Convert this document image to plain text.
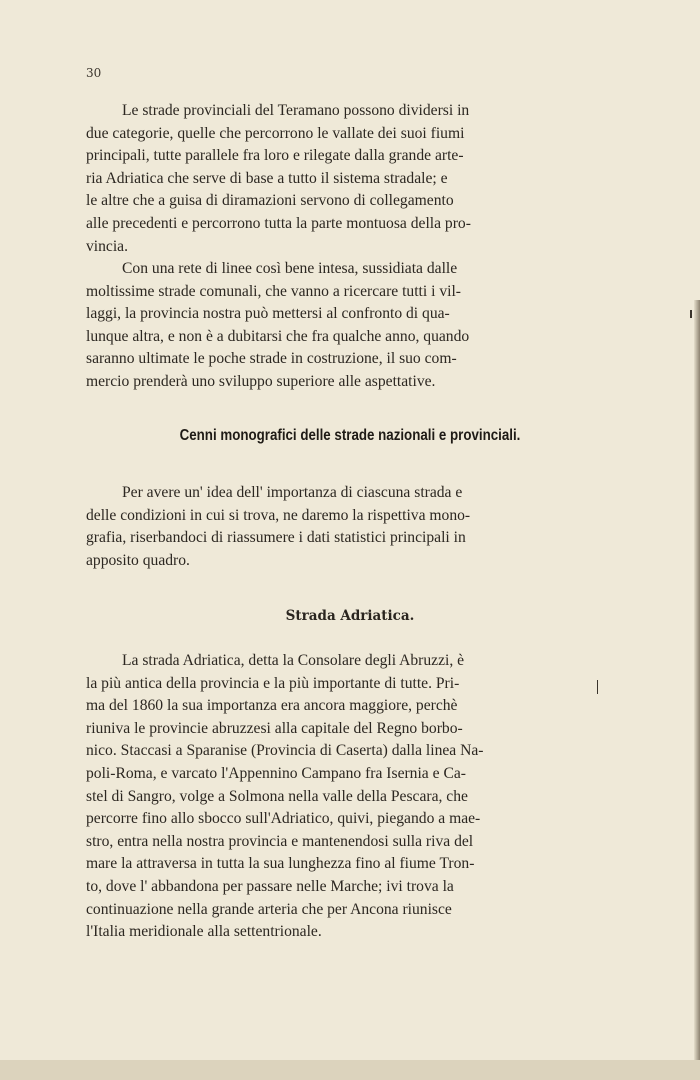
30
Le strade provinciali del Teramano possono dividersi in
due categorie, quelle che percorrono le vallate dei suoi fiumi
principali, tutte parallele fra loro e rilegate dalla grande arte-
ria Adriatica che serve di base a tutto il sistema stradale; e
le altre che a guisa di diramazioni servono di collegamento
alle precedenti e percorrono tutta la parte montuosa della pro-
vincia.
Con una rete di linee così bene intesa, sussidiata dalle
moltissime strade comunali, che vanno a ricercare tutti i vil-
laggi, la provincia nostra può mettersi al confronto di qua-
lunque altra, e non è a dubitarsi che fra qualche anno, quando
saranno ultimate le poche strade in costruzione, il suo com-
mercio prenderà uno sviluppo superiore alle aspettative.
Cenni monografici delle strade nazionali e provinciali.
Per avere un' idea dell' importanza di ciascuna strada e
delle condizioni in cui si trova, ne daremo la rispettiva mono-
grafia, riserbandoci di riassumere i dati statistici principali in
apposito quadro.
Strada Adriatica.
La strada Adriatica, detta la Consolare degli Abruzzi, è
la più antica della provincia e la più importante di tutte. Pri-
ma del 1860 la sua importanza era ancora maggiore, perchè
riuniva le provincie abruzzesi alla capitale del Regno borbo-
nico. Staccasi a Sparanise (Provincia di Caserta) dalla linea Na-
poli-Roma, e varcato l'Appennino Campano fra Isernia e Ca-
stel di Sangro, volge a Solmona nella valle della Pescara, che
percorre fino allo sbocco sull'Adriatico, quivi, piegando a mae-
stro, entra nella nostra provincia e mantenendosi sulla riva del
mare la attraversa in tutta la sua lunghezza fino al fiume Tron-
to, dove l' abbandona per passare nelle Marche; ivi trova la
continuazione nella grande arteria che per Ancona riunisce
l'Italia meridionale alla settentrionale.
